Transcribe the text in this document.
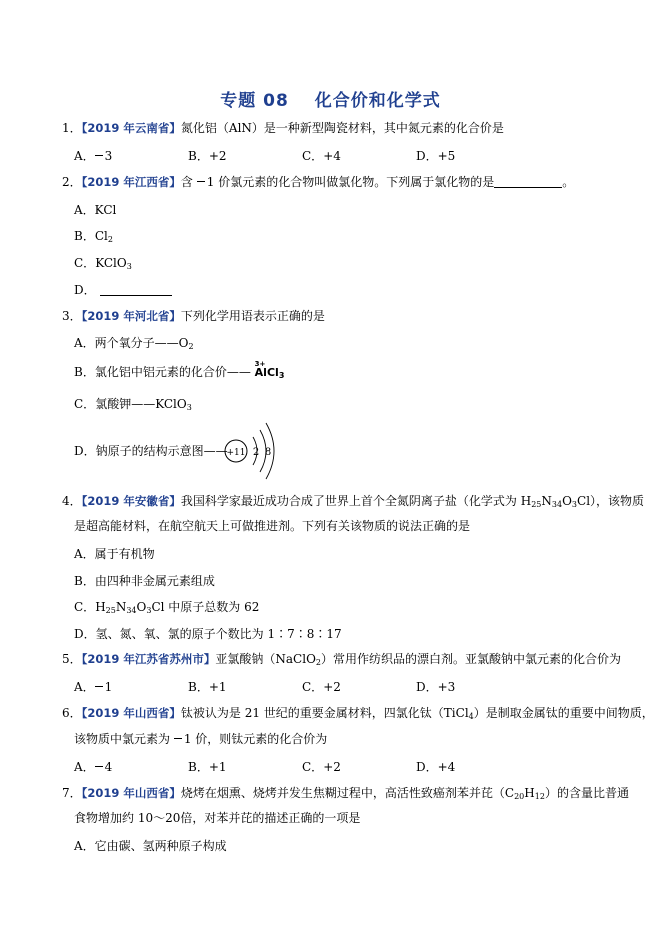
专题 08 化合价和化学式
1．【2019 年云南省】氮化铝（AlN）是一种新型陶瓷材料，其中氮元素的化合价是
A． 3	B．+2	C．+4	D．+5
2．【2019 年江西省】含 1 价氯元素的化合物叫做氯化物。下列属于氯化物的是	。
A．KCl
B．$Cl_2$
C．KClO$_3$
D．
3．【2019 年河北省】下列化学用语表示正确的是
A．两个氧分子$——O_2$
B．氯化铝中铝元素的化合价——
3+
AlCl$_3$
C．氯酸钾——KClO$_3$
D．钠原子的结构示意图——
+11 2 8
4．【2019 年安徽省】我国科学家最近成功合成了世界上首个全氮阴离子盐（化学式为 $H_{25}N_{34}O_3Cl$），该物质
是超高能材料，在航空航天上可做推进剂。下列有关该物质的说法正确的是
A．属于有机物
B．由四种非金属元素组成
C．$H_{25}N_{34}O_3Cl$ 中原子总数为 62
D．氢、氮、氧、氯的原子个数比为 1∶7∶8∶17
5．【2019 年江苏省苏州市】亚氯酸钠（NaClO$_2$）常用作纺织品的漂白剂。亚氯酸钠中氯元素的化合价为
A． 1	B．+1	C．+2	D．+3
6．【2019 年山西省】钛被认为是 21 世纪的重要金属材料，四氯化钛（TiCl$_4$）是制取金属钛的重要中间物质，
该物质中氯元素为 1 价，则钛元素的化合价为
A． 4	B．+1	C．+2	D．+4
7．【2019 年山西省】烧烤在烟熏、烧烤并发生焦糊过程中，高活性致癌剂苯并芘$(C_{20}H_{12})$的含量比普通
食物增加约 10～20倍，对苯并芘的描述正确的一项是
A．它由碳、氢两种原子构成
